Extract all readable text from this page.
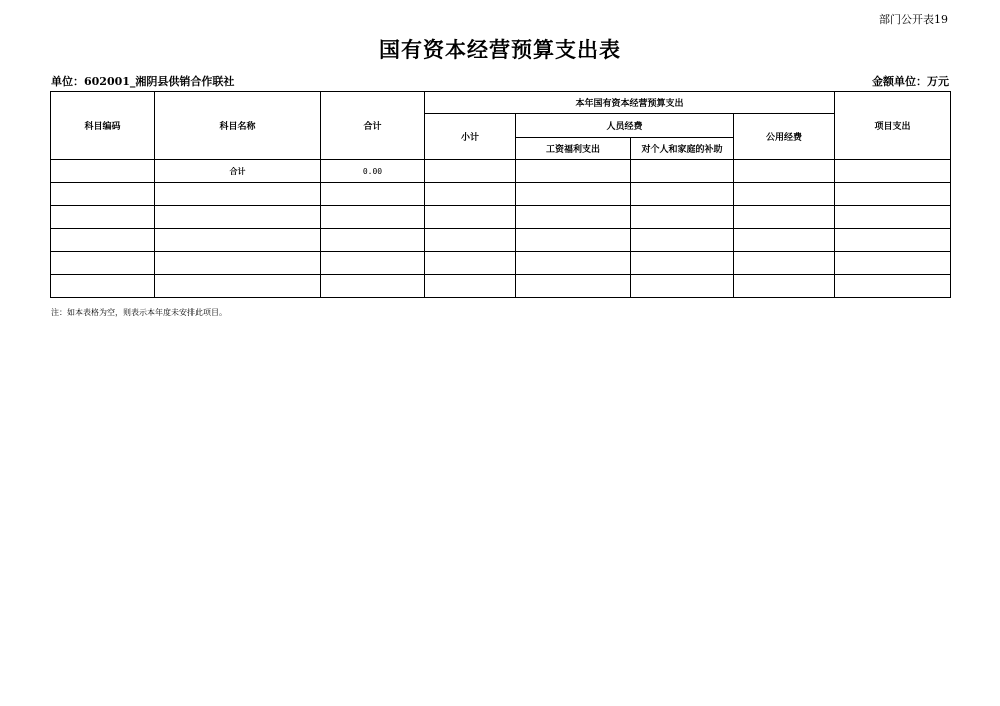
部门公开表19
国有资本经营预算支出表
单位：602001_湘阴县供销合作联社	金额单位：万元
科目编码	科目名称	合计	本年国有资本经营预算支出				项目支出
			小计	人员经费		公用经费	
				工资福利支出	对个人和家庭的补助		
	合计	0.00					

注：如本表格为空，则表示本年度未安排此项目。
